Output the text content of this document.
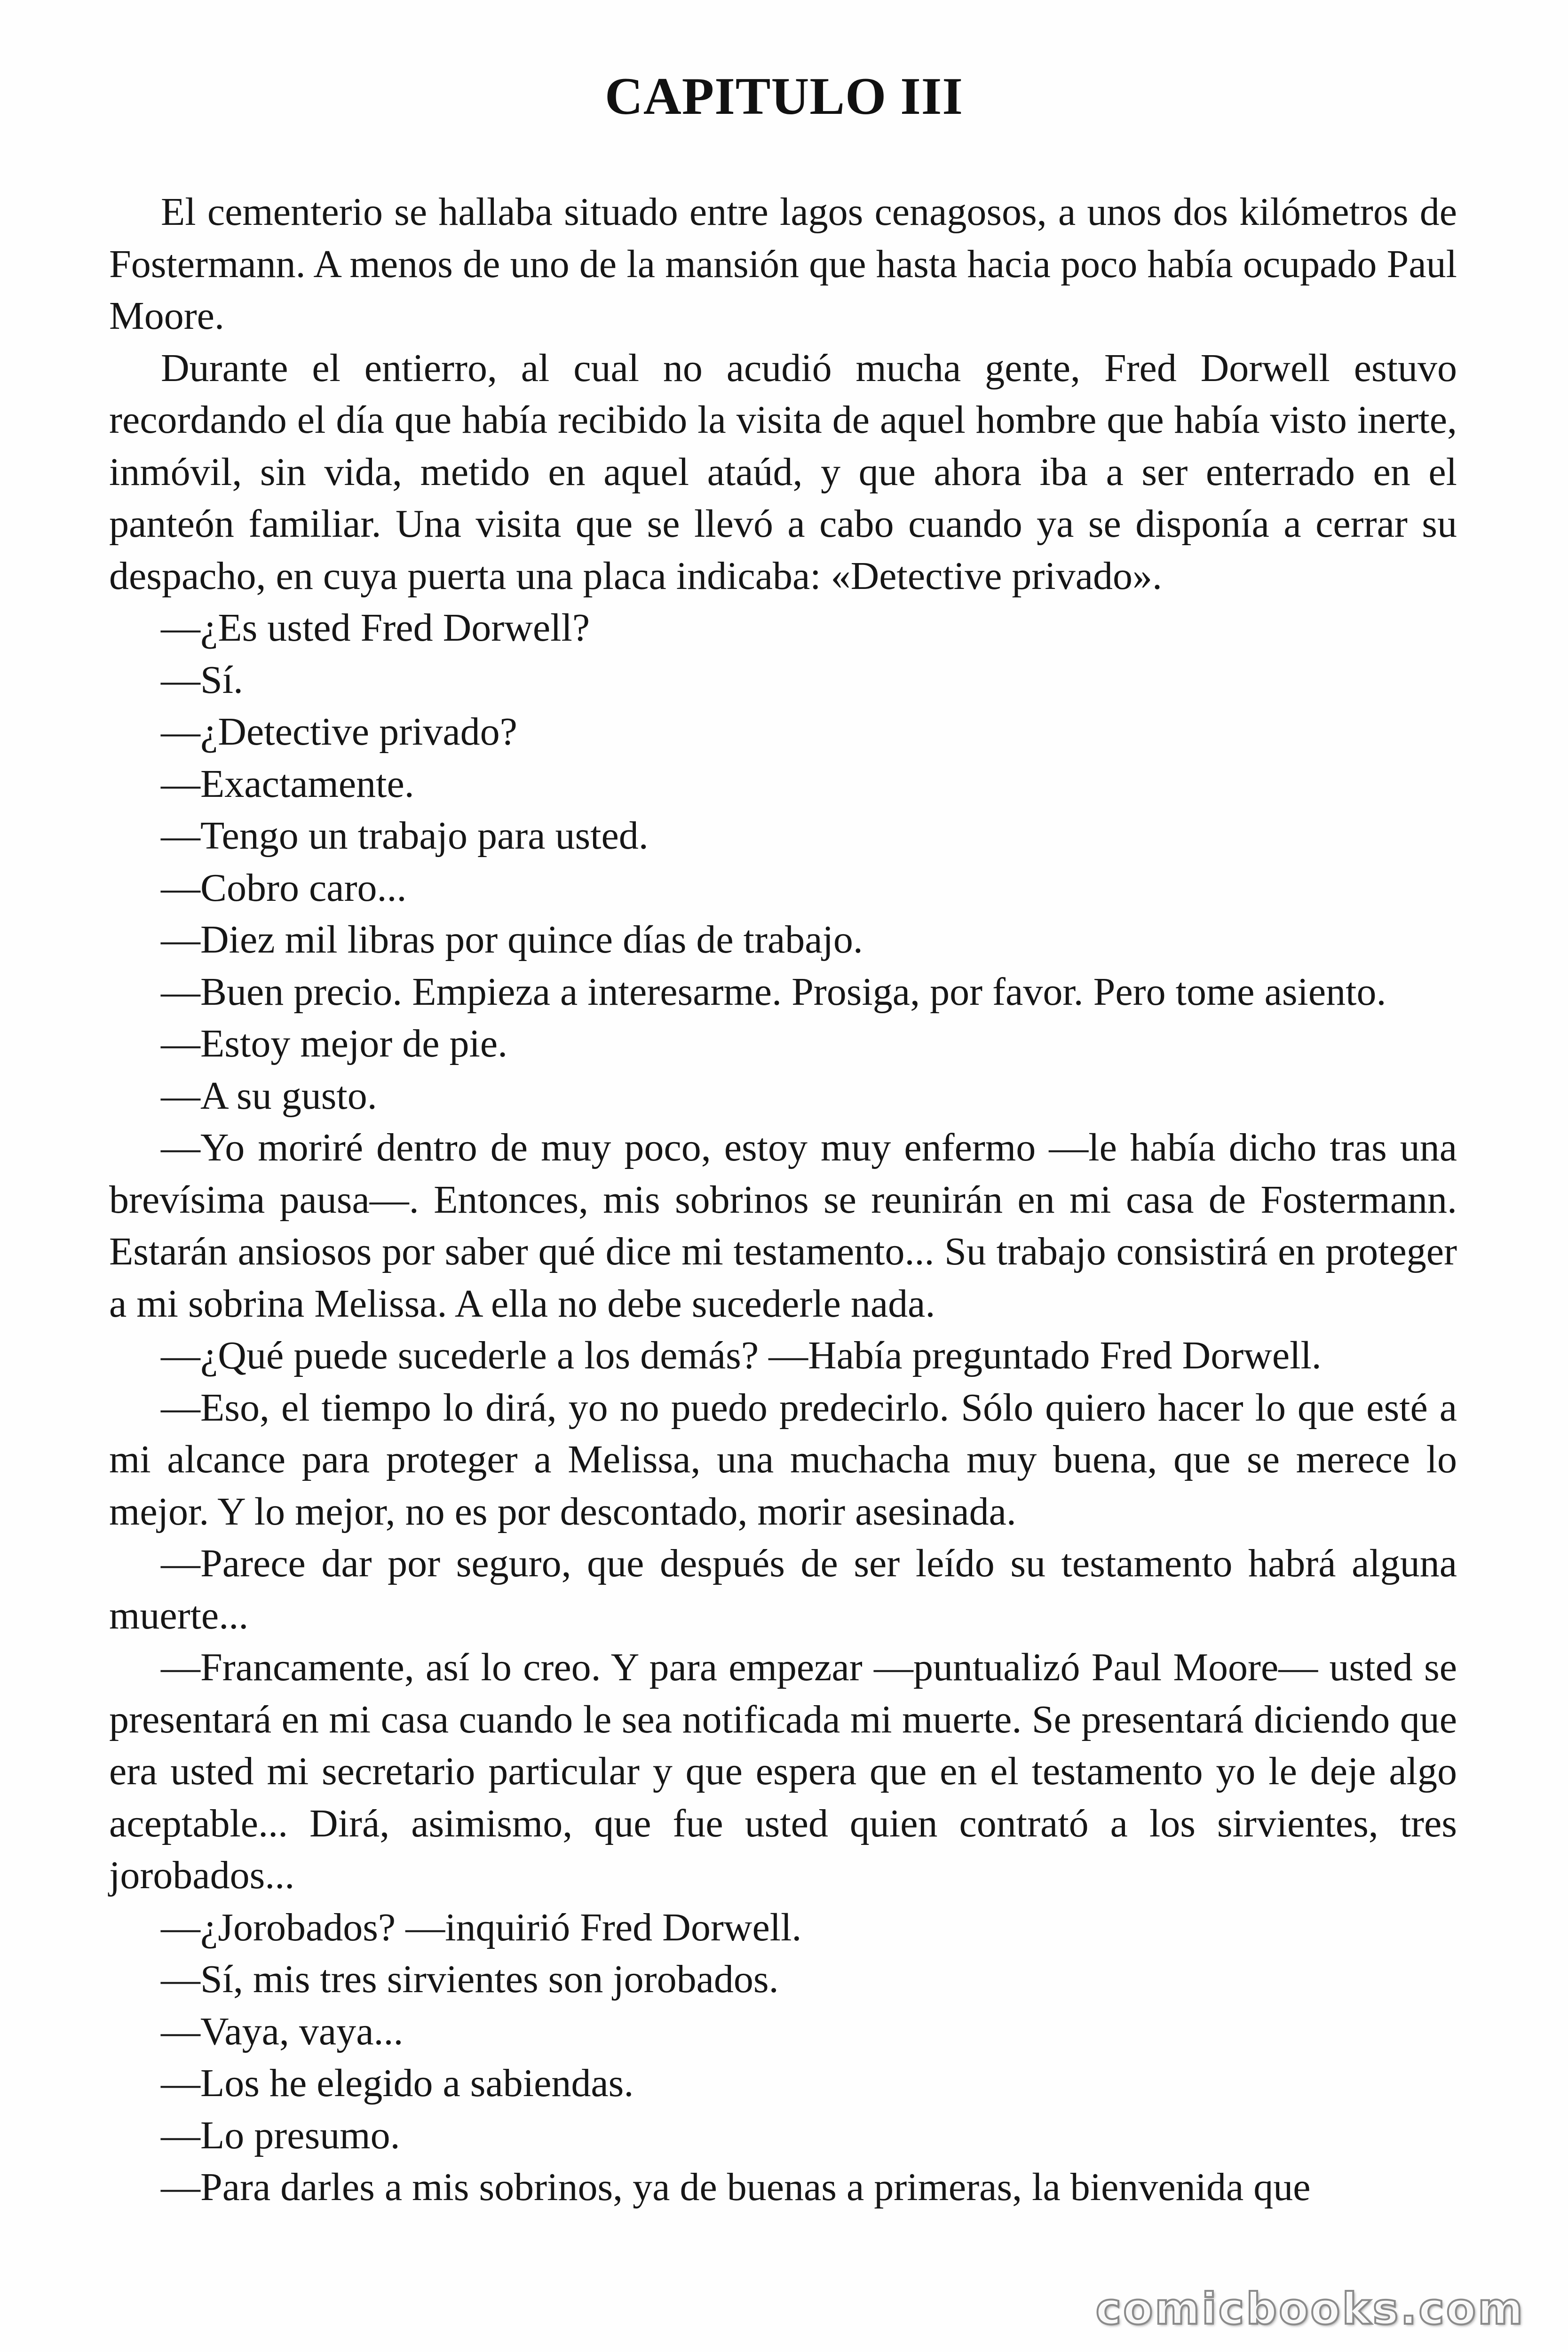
CAPITULO III

El cementerio se hallaba situado entre lagos cenagosos, a unos dos kilómetros de Fostermann. A menos de uno de la mansión que hasta hacia poco había ocupado Paul Moore.

Durante el entierro, al cual no acudió mucha gente, Fred Dorwell estuvo recordando el día que había recibido la visita de aquel hombre que había visto inerte, inmóvil, sin vida, metido en aquel ataúd, y que ahora iba a ser enterrado en el panteón familiar. Una visita que se llevó a cabo cuando ya se disponía a cerrar su despacho, en cuya puerta una placa indicaba: «Detective privado».

—¿Es usted Fred Dorwell?

—Sí.

—¿Detective privado?

—Exactamente.

—Tengo un trabajo para usted.

—Cobro caro...

—Diez mil libras por quince días de trabajo.

—Buen precio. Empieza a interesarme. Prosiga, por favor. Pero tome asiento.

—Estoy mejor de pie.

—A su gusto.

—Yo moriré dentro de muy poco, estoy muy enfermo —le había dicho tras una brevísima pausa—. Entonces, mis sobrinos se reunirán en mi casa de Fostermann. Estarán ansiosos por saber qué dice mi testamento... Su trabajo consistirá en proteger a mi sobrina Melissa. A ella no debe sucederle nada.

—¿Qué puede sucederle a los demás? —Había preguntado Fred Dorwell.

—Eso, el tiempo lo dirá, yo no puedo predecirlo. Sólo quiero hacer lo que esté a mi alcance para proteger a Melissa, una muchacha muy buena, que se merece lo mejor. Y lo mejor, no es por descontado, morir asesinada.

—Parece dar por seguro, que después de ser leído su testamento habrá alguna muerte...

—Francamente, así lo creo. Y para empezar —puntualizó Paul Moore— usted se presentará en mi casa cuando le sea notificada mi muerte. Se presentará diciendo que era usted mi secretario particular y que espera que en el testamento yo le deje algo aceptable... Dirá, asimismo, que fue usted quien contrató a los sirvientes, tres jorobados...

—¿Jorobados? —inquirió Fred Dorwell.

—Sí, mis tres sirvientes son jorobados.

—Vaya, vaya...

—Los he elegido a sabiendas.

—Lo presumo.

—Para darles a mis sobrinos, ya de buenas a primeras, la bienvenida que

comicbooks.com
